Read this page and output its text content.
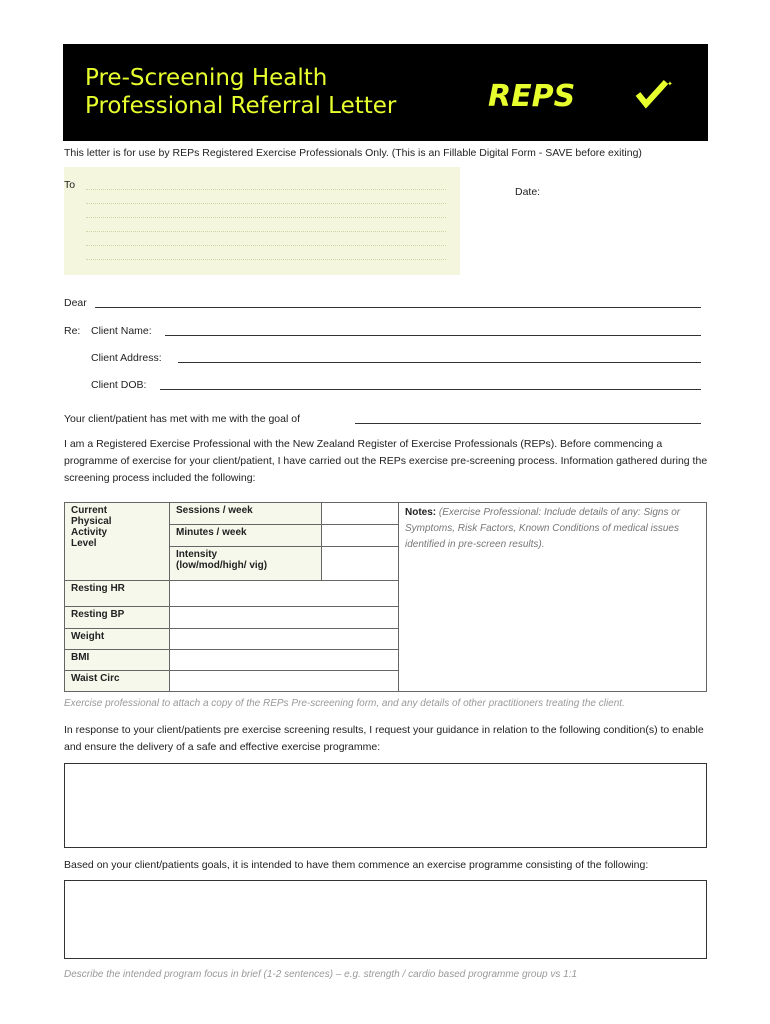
Pre-Screening Health
Professional Referral Letter	REPS	✦
This letter is for use by REPs Registered Exercise Professionals Only. (This is an Fillable Digital Form - SAVE before exiting)
To
Date:
Dear
Re: Client Name:
Client Address:
Client DOB:
Your client/patient has met with me with the goal of
I am a Registered Exercise Professional with the New Zealand Register of Exercise Professionals (REPs). Before commencing a programme of exercise for your client/patient, I have carried out the REPs exercise pre-screening process. Information gathered during the screening process included the following:
Current
Physical
Activity
Level	Sessions / week		Notes: (Exercise Professional: Include details of any: Signs or Symptoms, Risk Factors, Known Conditions of medical issues identified in pre-screen results).
	Minutes / week		

	Intensity
(low/mod/high/ vig)		

Resting HR			
Resting BP			
Weight			
BMI			
Waist Circ			
Exercise professional to attach a copy of the REPs Pre-screening form, and any details of other practitioners treating the client.
In response to your client/patients pre exercise screening results, I request your guidance in relation to the following condition(s) to enable and ensure the delivery of a safe and effective exercise programme:
Based on your client/patients goals, it is intended to have them commence an exercise programme consisting of the following:
Describe the intended program focus in brief (1-2 sentences) – e.g. strength / cardio based programme group vs 1:1
